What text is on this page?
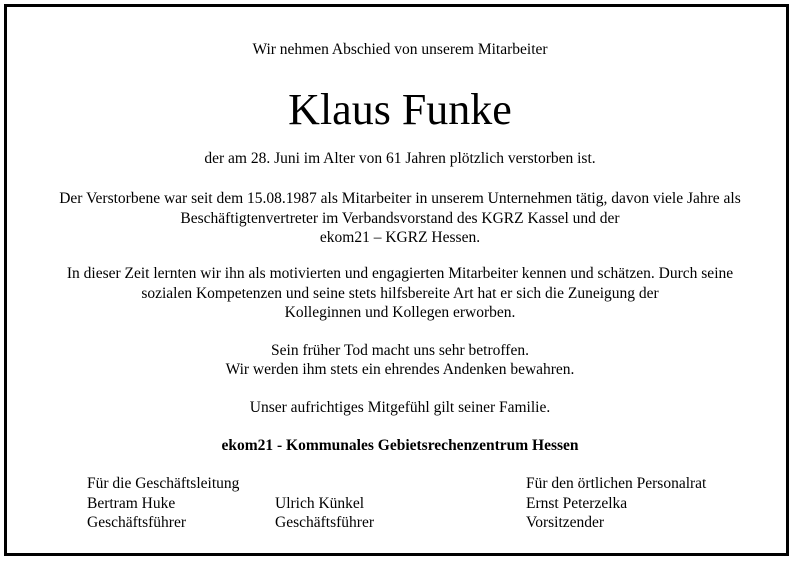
Wir nehmen Abschied von unserem Mitarbeiter
Klaus Funke
der am 28. Juni im Alter von 61 Jahren plötzlich verstorben ist.
Der Verstorbene war seit dem 15.08.1987 als Mitarbeiter in unserem Unternehmen tätig, davon viele Jahre als
Beschäftigtenvertreter im Verbandsvorstand des KGRZ Kassel und der
ekom21 – KGRZ Hessen.
In dieser Zeit lernten wir ihn als motivierten und engagierten Mitarbeiter kennen und schätzen. Durch seine
sozialen Kompetenzen und seine stets hilfsbereite Art hat er sich die Zuneigung der
Kolleginnen und Kollegen erworben.
Sein früher Tod macht uns sehr betroffen.
Wir werden ihm stets ein ehrendes Andenken bewahren.
Unser aufrichtiges Mitgefühl gilt seiner Familie.
ekom21 - Kommunales Gebietsrechenzentrum Hessen
Für die Geschäftsleitung
Bertram Huke
Geschäftsführer
Ulrich Künkel
Geschäftsführer
Für den örtlichen Personalrat
Ernst Peterzelka
Vorsitzender
